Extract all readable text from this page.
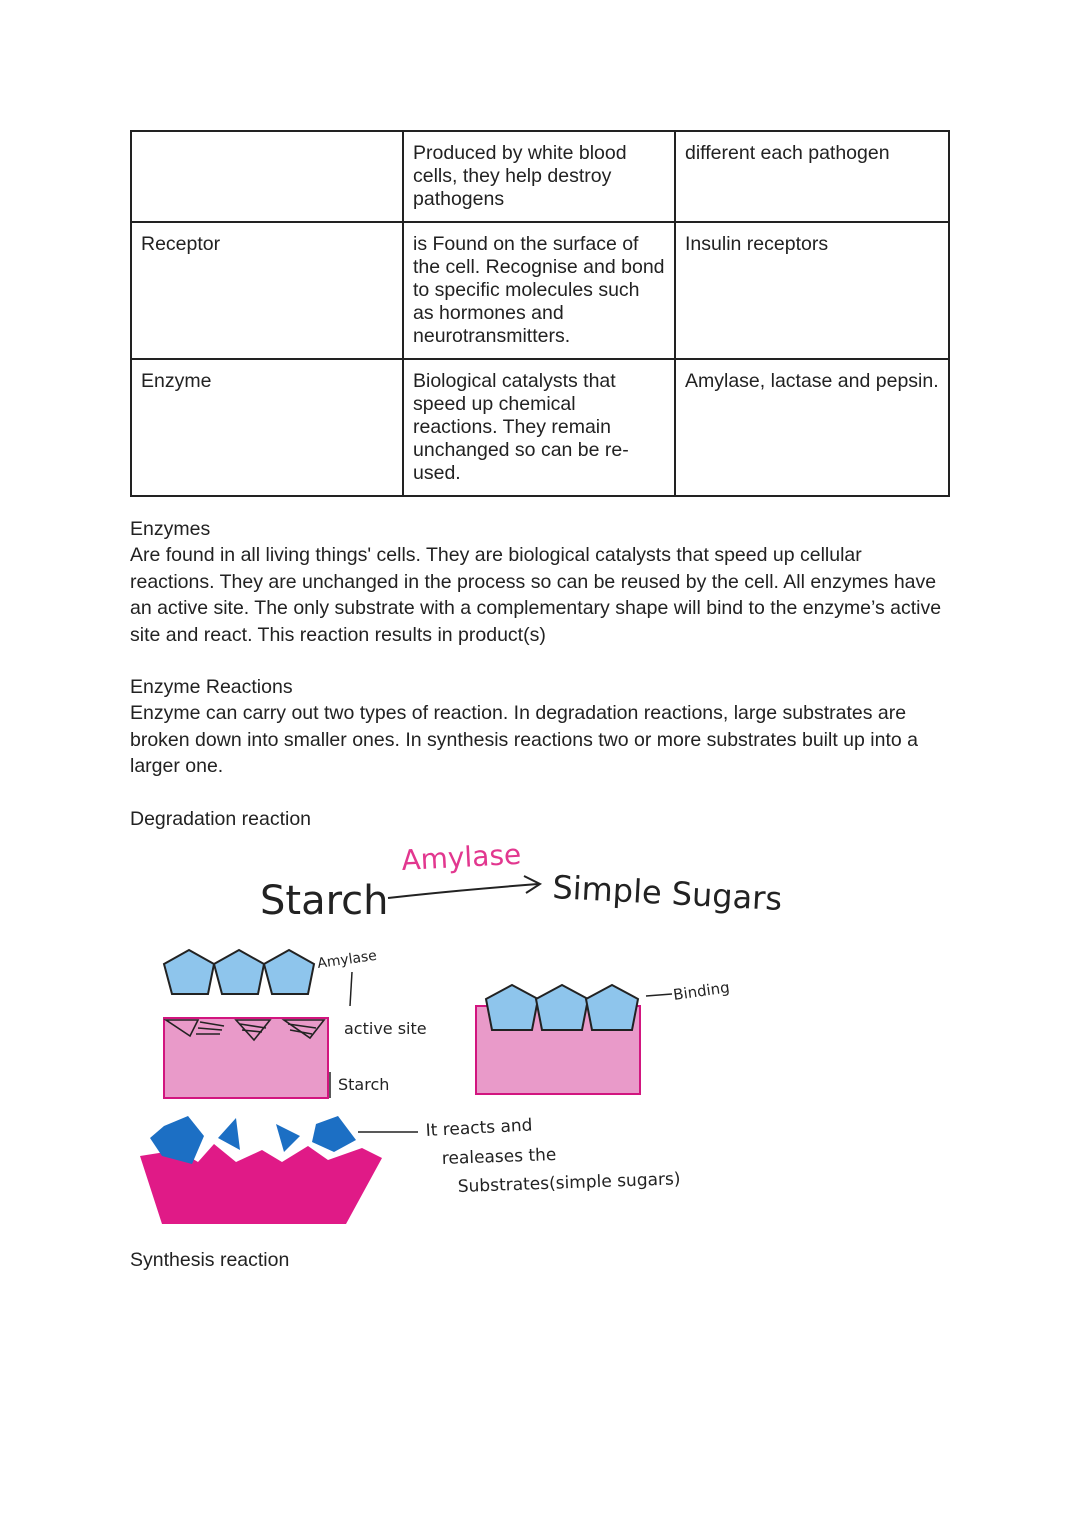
	Produced by white blood cells, they help destroy pathogens	different each pathogen
Receptor	is Found on the surface of the cell. Recognise and bond to specific molecules such as hormones and neurotransmitters.	Insulin receptors
Enzyme	Biological catalysts that speed up chemical reactions. They remain unchanged so can be re-used.	Amylase, lactase and pepsin.
Enzymes
Are found in all living things' cells. They are biological catalysts that speed up cellular reactions. They are unchanged in the process so can be reused by the cell. All enzymes have an active site. The only substrate with a complementary shape will bind to the enzyme’s active site and react. This reaction results in product(s)
Enzyme Reactions
Enzyme can carry out two types of reaction. In degradation reactions, large substrates are broken down into smaller ones. In synthesis reactions two or more substrates built up into a larger one.
Degradation reaction
Starch
Amylase
Simple Sugars
Amylase
active site
Starch
Binding
It reacts and
realeases the
Substrates(simple sugars)
Synthesis reaction
